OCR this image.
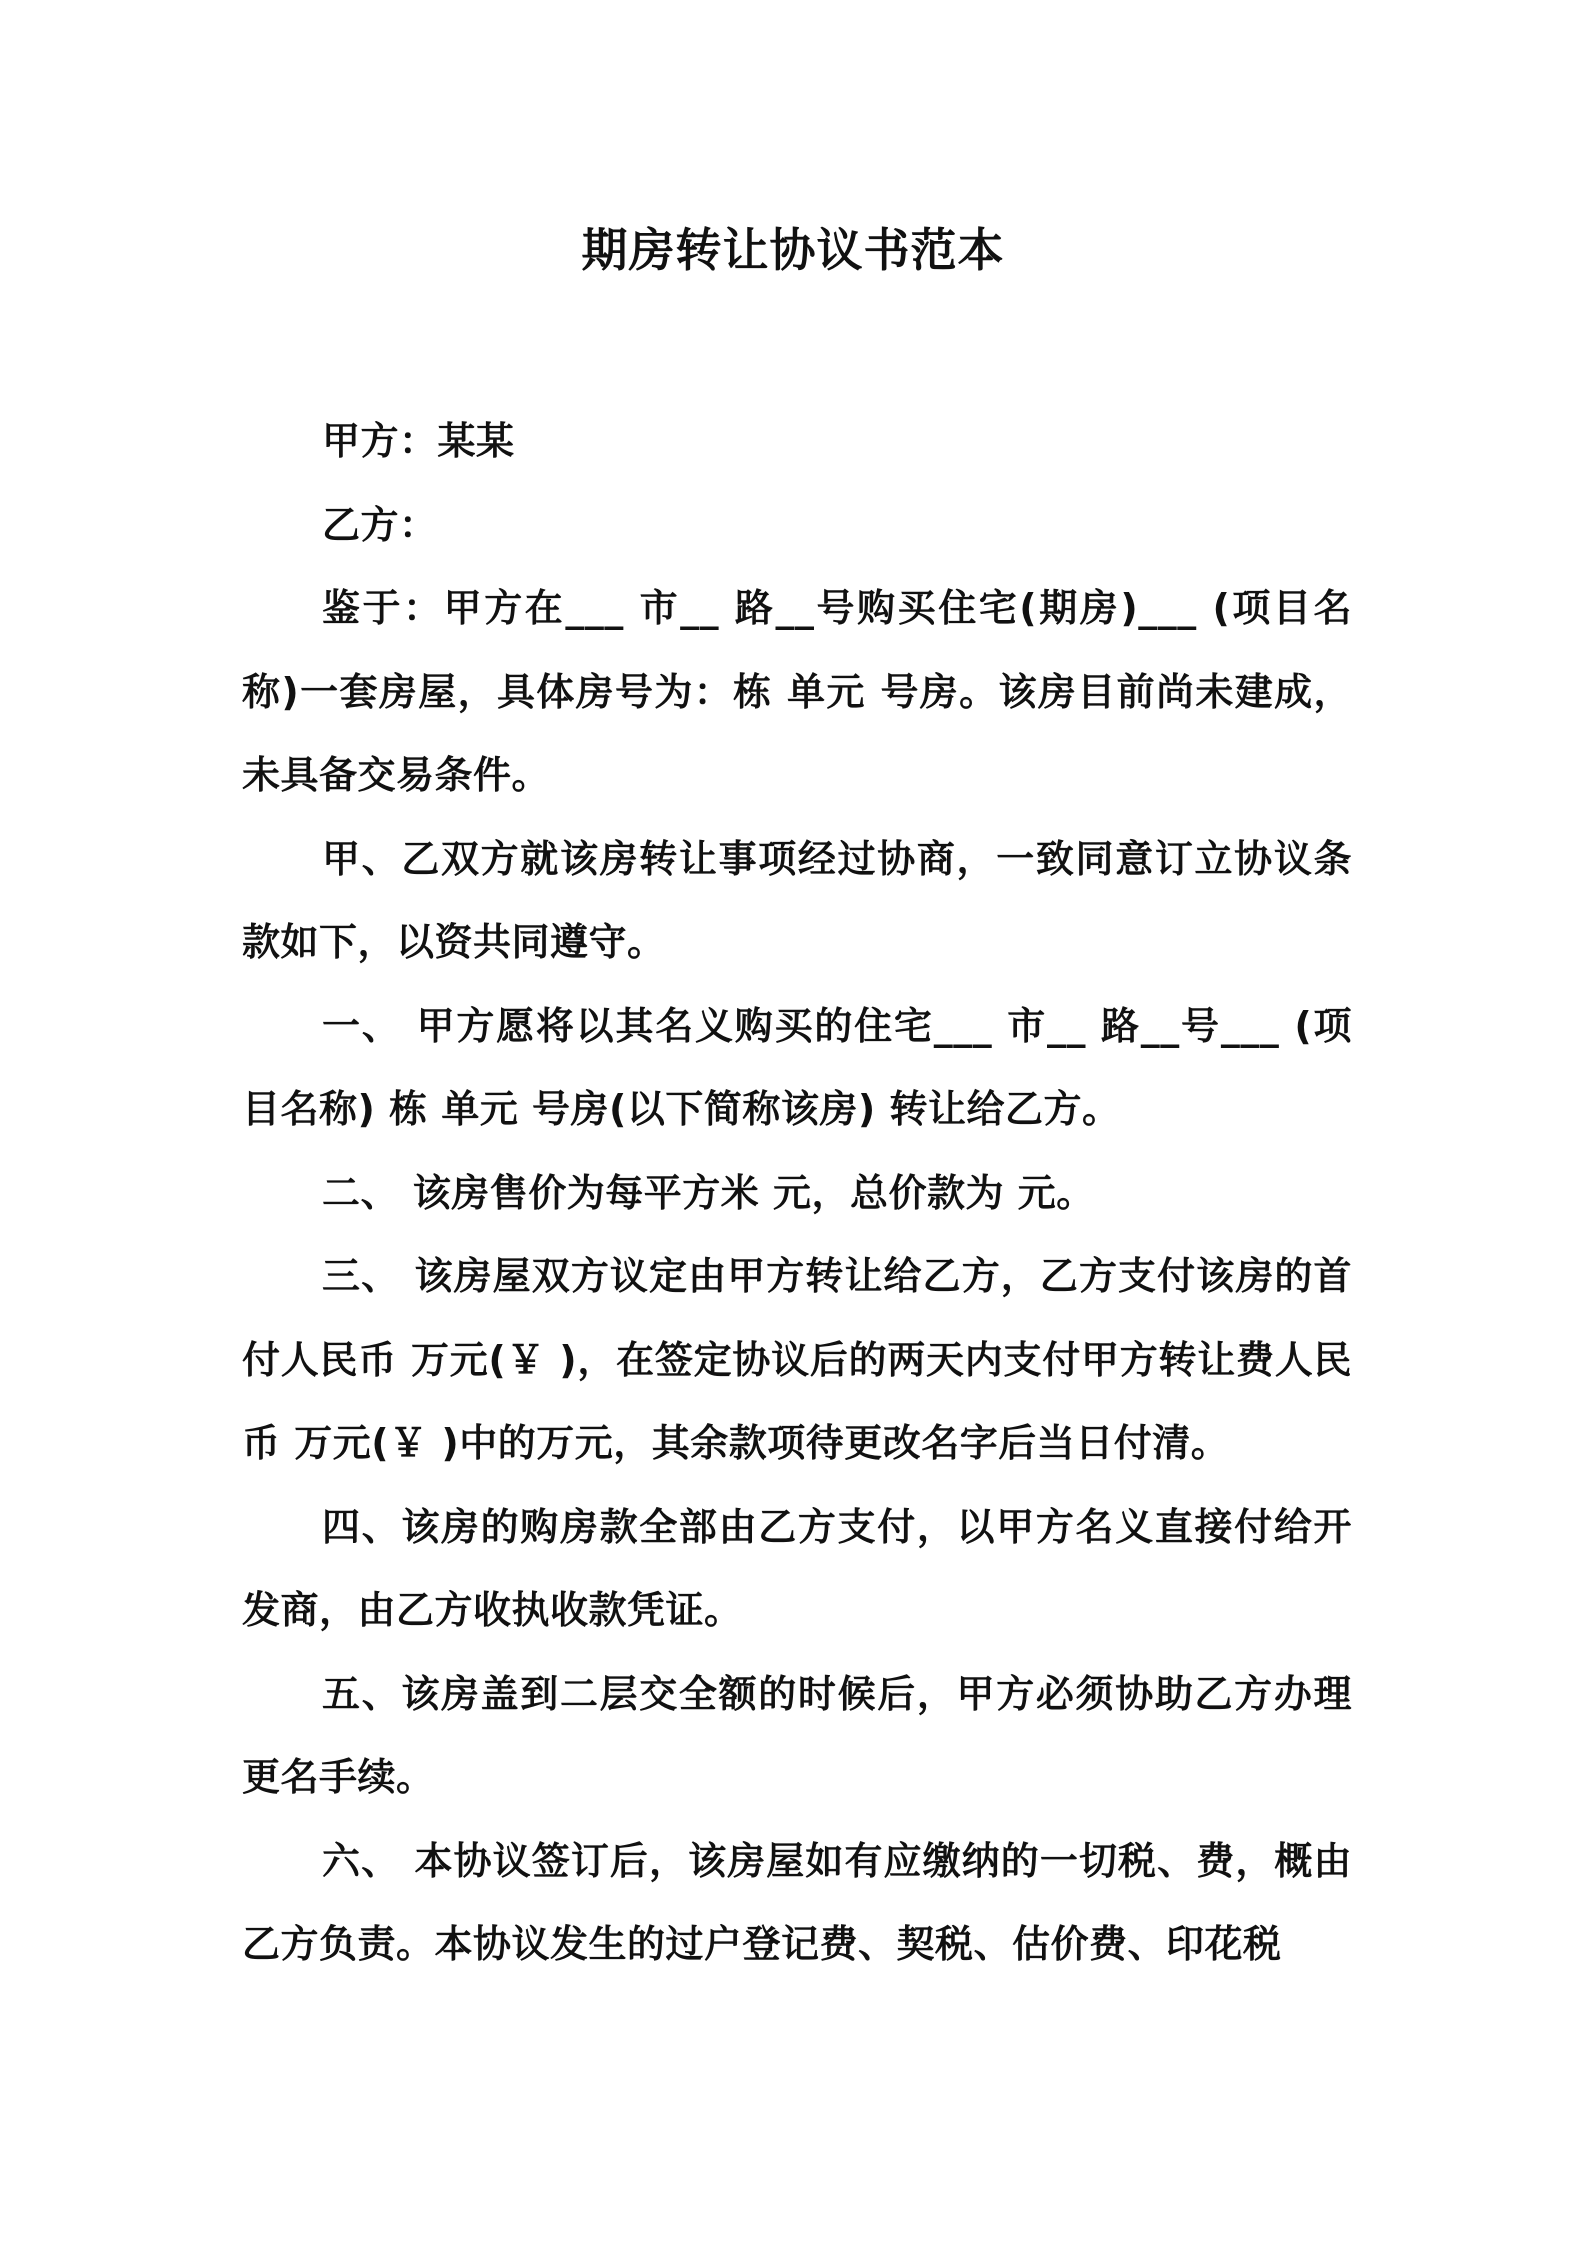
期房转让协议书范本

甲方：某某

乙方：

鉴于：甲方在___ 市__ 路__号购买住宅(期房)___ (项目名称)一套房屋，具体房号为：栋 单元 号房。该房目前尚未建成，未具备交易条件。

甲、乙双方就该房转让事项经过协商，一致同意订立协议条款如下，以资共同遵守。

一、 甲方愿将以其名义购买的住宅___ 市__ 路__号___ (项目名称) 栋 单元 号房(以下简称该房) 转让给乙方。

二、 该房售价为每平方米 元，总价款为 元。

三、 该房屋双方议定由甲方转让给乙方，乙方支付该房的首付人民币 万元(￥ )，在签定协议后的两天内支付甲方转让费人民币 万元(￥ )中的万元，其余款项待更改名字后当日付清。

四、该房的购房款全部由乙方支付，以甲方名义直接付给开发商，由乙方收执收款凭证。

五、该房盖到二层交全额的时候后，甲方必须协助乙方办理更名手续。

六、 本协议签订后，该房屋如有应缴纳的一切税、费，概由乙方负责。本协议发生的过户登记费、契税、估价费、印花税
